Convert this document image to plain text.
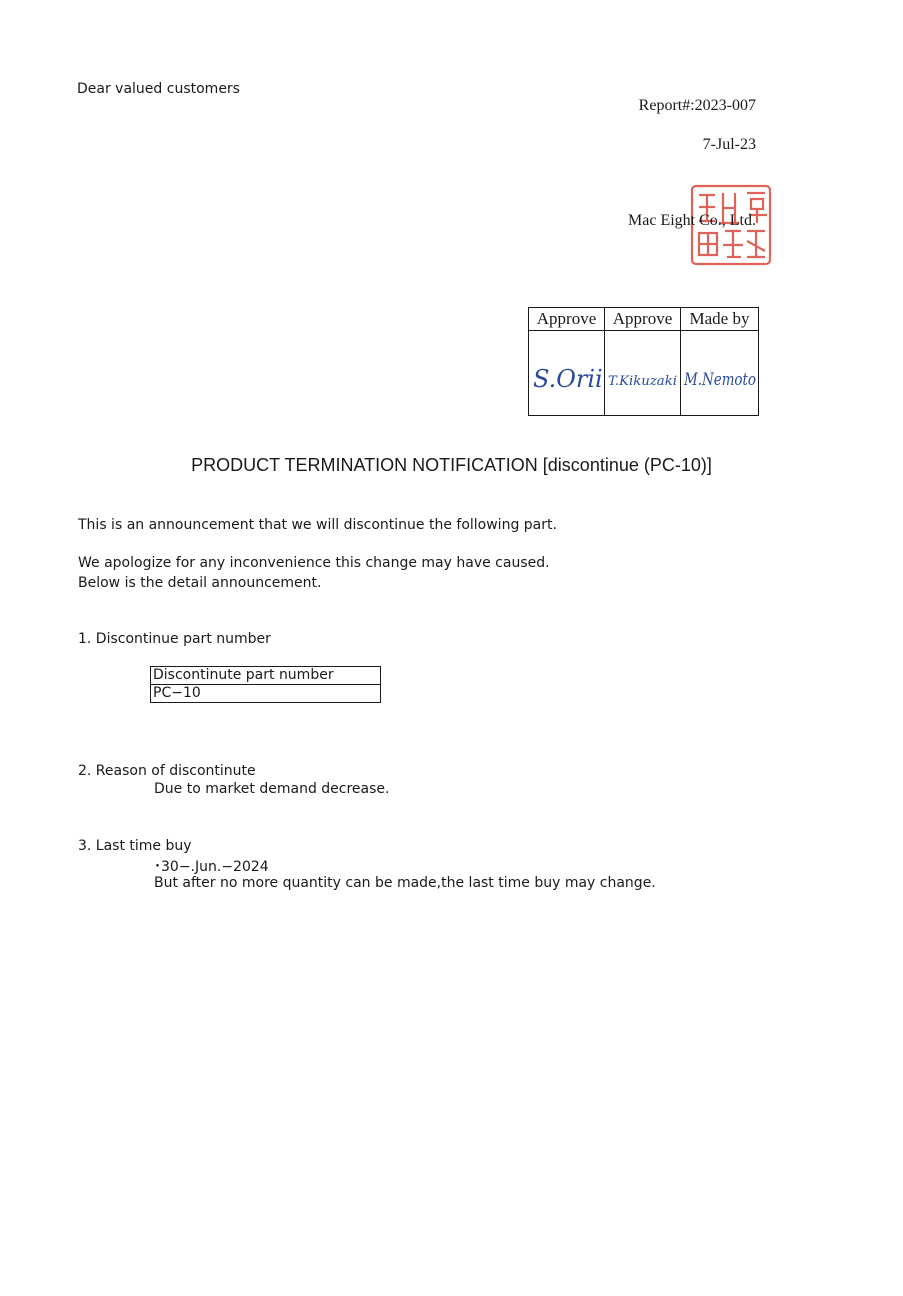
Dear valued customers
Report#:2023-007
7-Jul-23
Mac Eight Co., Ltd.
Approve	Approve	Made by

S.Orii	T.Kikuzaki	M.Nemoto
PRODUCT TERMINATION NOTIFICATION [discontinue (PC-10)]
This is an announcement that we will discontinue the following part.
We apologize for any inconvenience this change may have caused.
Below is the detail announcement.
1. Discontinue part number
Discontinute part number
PC−10
2. Reason of discontinute
Due to market demand decrease.
3. Last time buy
･30−.Jun.−2024
But after no more quantity can be made,the last time buy may change.
